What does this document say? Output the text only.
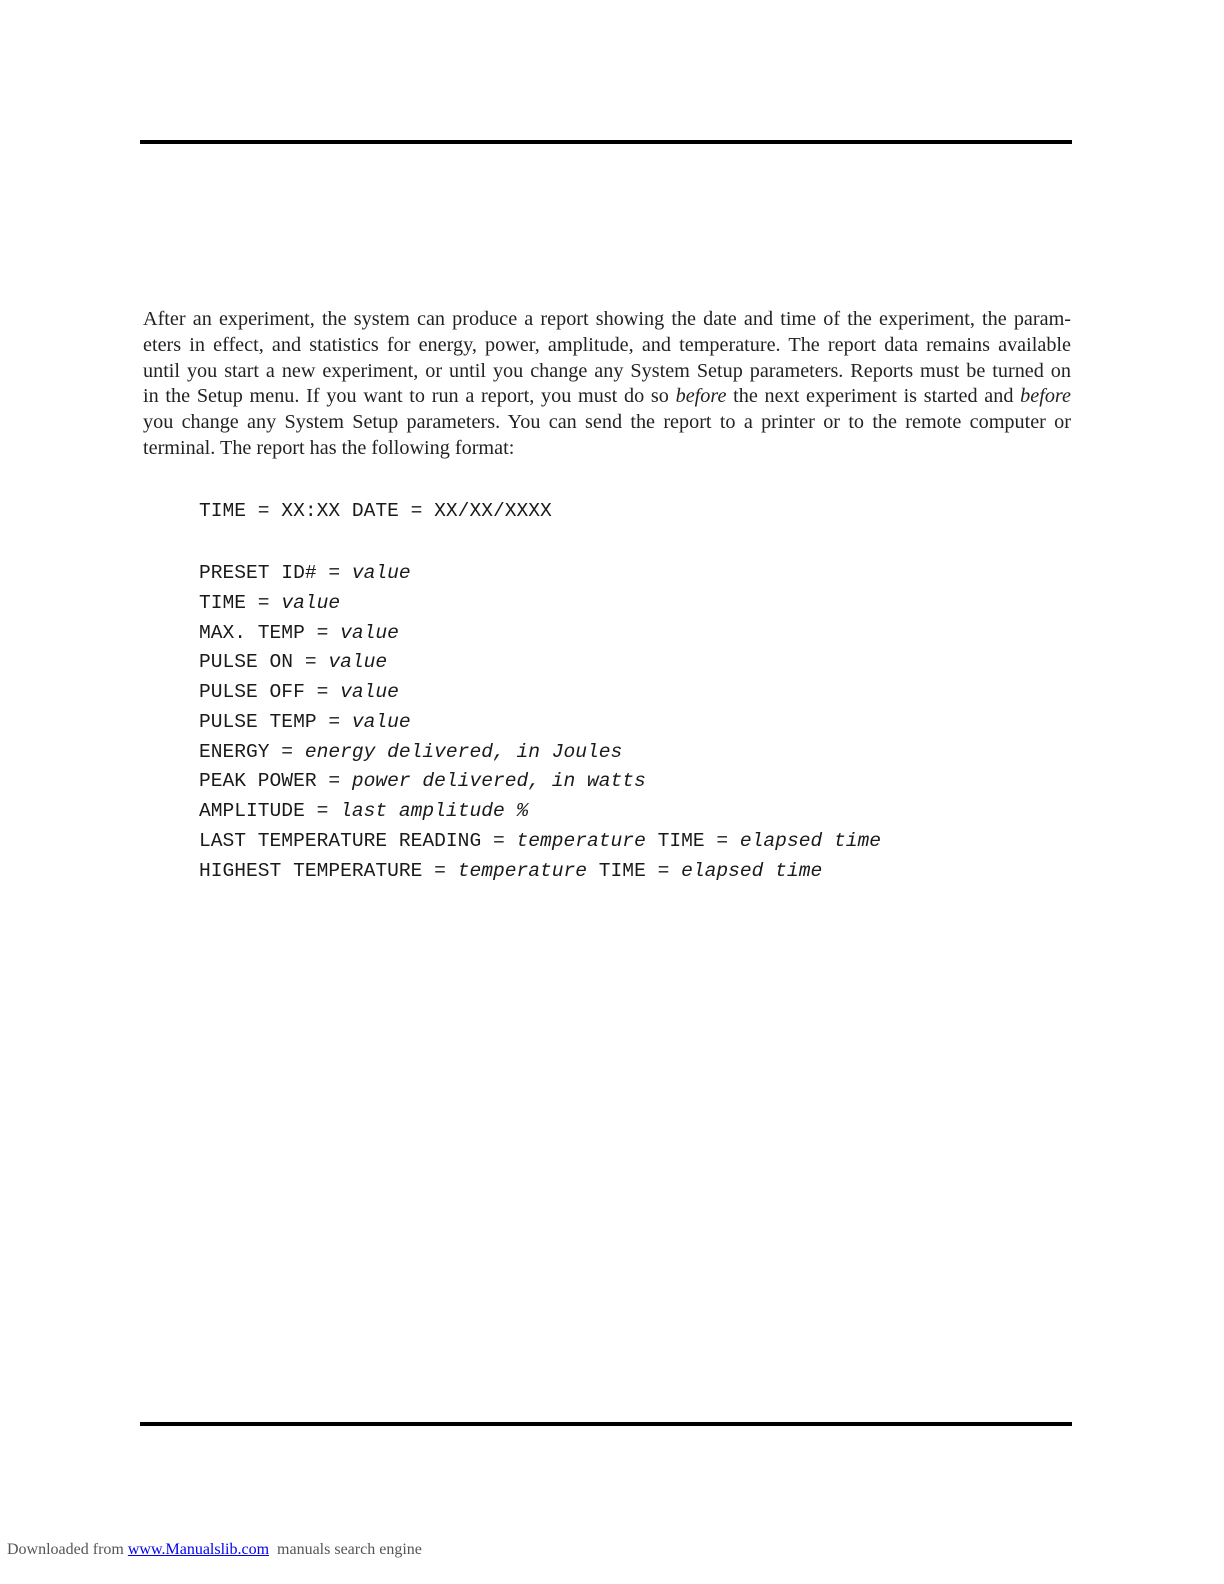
After an experiment, the system can produce a report showing the date and time of the experiment, the param-
eters in effect, and statistics for energy, power, amplitude, and temperature. The report data remains available
until you start a new experiment, or until you change any System Setup parameters. Reports must be turned on
in the Setup menu. If you want to run a report, you must do so before the next experiment is started and before
you change any System Setup parameters. You can send the report to a printer or to the remote computer or
terminal. The report has the following format:
TIME = XX:XX DATE = XX/XX/XXXX
PRESET ID# = value
TIME = value
MAX. TEMP = value
PULSE ON = value
PULSE OFF = value
PULSE TEMP = value
ENERGY = energy delivered, in Joules
PEAK POWER = power delivered, in watts
AMPLITUDE = last amplitude %
LAST TEMPERATURE READING = temperature TIME = elapsed time
HIGHEST TEMPERATURE = temperature TIME = elapsed time
Downloaded from www.Manualslib.com  manuals search engine
